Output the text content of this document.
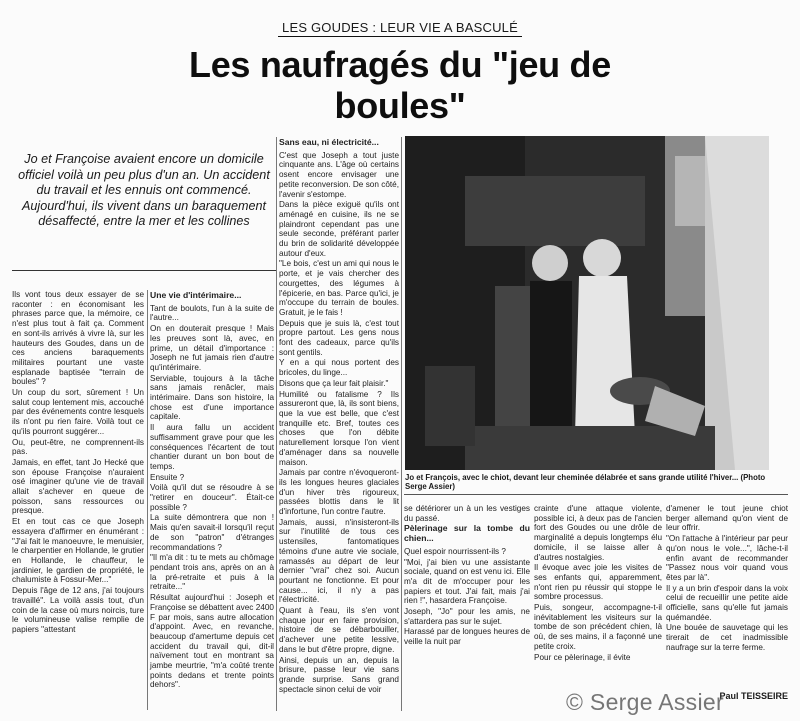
LES GOUDES : LEUR VIE A BASCULÉ
Les naufragés du "jeu de boules"
Jo et Françoise avaient encore un domicile officiel voilà un peu plus d'un an. Un accident du travail et les ennuis ont commencé. Aujourd'hui, ils vivent dans un baraquement désaffecté, entre la mer et les collines

Ils vont tous deux essayer de se raconter : en économisant les phrases parce que, la mémoire, ce n'est plus tout à fait ça. Comment en sont-ils arrivés à vivre là, sur les hauteurs des Goudes, dans un de ces anciens baraquements militaires pourtant une vaste esplanade baptisée "terrain de boules" ?

Un coup du sort, sûrement ! Un salut coup lentement mis, accouché par des événements contre lesquels ils n'ont pu rien faire. Voilà tout ce qu'ils pourront suggérer...

Ou, peut-être, ne comprennent-ils pas.

Jamais, en effet, tant Jo Hecké que son épouse Françoise n'auraient osé imaginer qu'une vie de travail allait s'achever en queue de poisson, sans ressources ou presque.

Et en tout cas ce que Joseph essayera d'affirmer en énumérant : "J'ai fait le manoeuvre, le menuisier, le charpentier en Hollande, le grutier en Hollande, le chauffeur, le jardinier, le gardien de propriété, le chalumiste à Fossur-Mer..."

Depuis l'âge de 12 ans, j'ai toujours travaillé". La voilà assis tout, d'un coin de la case où murs noircis, ture le volumineuse valise remplie de papiers "attestant

Une vie d'intérimaire...

Tant de boulots, l'un à la suite de l'autre...

On en douterait presque ! Mais les preuves sont là, avec, en prime, un détail d'importance : Joseph ne fut jamais rien d'autre qu'intérimaire.

Serviable, toujours à la tâche sans jamais renâcler, mais intérimaire. Dans son histoire, la chose est d'une importance capitale.

Il aura fallu un accident suffisamment grave pour que les conséquences l'écartent de tout chantier durant un bon bout de temps.

Ensuite ?

Voilà qu'il dut se résoudre à se "retirer en douceur". Était-ce possible ?

La suite démontrera que non ! Mais qu'en savait-il lorsqu'il reçut de son "patron" d'étranges recommandations ?

"Il m'a dit : tu te mets au chômage pendant trois ans, après on an à la pré-retraite et puis à la retraite..."

Résultat aujourd'hui : Joseph et Françoise se débattent avec 2400 F par mois, sans autre allocation d'appoint. Avec, en revanche, beaucoup d'amertume depuis cet accident du travail qui, dit-il naïvement tout en montrant sa jambe meurtrie, "m'a coûté trente points dedans et trente points dehors".

Sans eau, ni électricité...

C'est que Joseph a tout juste cinquante ans. L'âge où certains osent encore envisager une petite reconversion. De son côté, l'avenir s'estompe.

Dans la pièce exiguë qu'ils ont aménagé en cuisine, ils ne se plaindront cependant pas une seule seconde, préférant parler du brin de solidarité développée autour d'eux.

"Le bois, c'est un ami qui nous le porte, et je vais chercher des courgettes, des légumes à l'épicerie, en bas. Parce qu'ici, je m'occupe du terrain de boules. Gratuit, je le fais !

Depuis que je suis là, c'est tout propre partout. Les gens nous font des cadeaux, parce qu'ils sont gentils.

Y en a qui nous portent des bricoles, du linge...

Disons que ça leur fait plaisir."

Humilité ou fatalisme ? Ils assureront que, là, ils sont biens, que la vue est belle, que c'est tranquille etc. Bref, toutes ces choses que l'on débite naturellement lorsque l'on vient d'aménager dans sa nouvelle maison.

Jamais par contre n'évoqueront-ils les longues heures glaciales d'un hiver très rigoureux, passées blottis dans le lit d'infortune, l'un contre l'autre.

Jamais, aussi, n'insisteront-ils sur l'inutilité de tous ces ustensiles, fantomatiques témoins d'une autre vie sociale, ramassés au départ de leur dernier "vrai" chez soi. Aucun pourtant ne fonctionne. Et pour cause... ici, il n'y a pas l'électricité.

Quant à l'eau, ils s'en vont chaque jour en faire provision, histoire de se débarbouiller, d'achever une petite lessive, dans le but d'être propre, digne.

Ainsi, depuis un an, depuis la brisure, passe leur vie sans grande surprise. Sans grand spectacle sinon celui de voir

Jo et François, avec le chiot, devant leur cheminée délabrée et sans grande utilité l'hiver... (Photo Serge Assier)

se détériorer un à un les vestiges du passé.

Pèlerinage sur la tombe du chien...

Quel espoir nourrissent-ils ?

"Moi, j'ai bien vu une assistante sociale, quand on est venu ici. Elle m'a dit de m'occuper pour les papiers et tout. J'ai fait, mais j'ai rien !", hasardera Françoise.

Joseph, "Jo" pour les amis, ne s'attardera pas sur le sujet.

Harassé par de longues heures de veille la nuit par

crainte d'une attaque violente, possible ici, à deux pas de l'ancien fort des Goudes ou une drôle de marginalité a depuis longtemps élu domicile, il se laisse aller à d'autres nostalgies.

Il évoque avec joie les visites de ses enfants qui, apparemment, n'ont rien pu réussir qui stoppe le sombre processus.

Puis, songeur, accompagne-t-il inévitablement les visiteurs sur la tombe de son précédent chien, là où, de ses mains, il a façonné une petite croix.

Pour ce pèlerinage, il évite

d'amener le tout jeune chiot berger allemand qu'on vient de leur offrir.

"On l'attache à l'intérieur par peur qu'on nous le vole...", lâche-t-il enfin avant de recommander "Passez nous voir quand vous êtes par là".

Il y a un brin d'espoir dans la voix celui de recueillir une petite aide officielle, sans qu'elle fut jamais quémandée.

Une bouée de sauvetage qui les tirerait de cet inadmissible naufrage sur la terre ferme.

Paul TEISSEIRE
© Serge Assier
